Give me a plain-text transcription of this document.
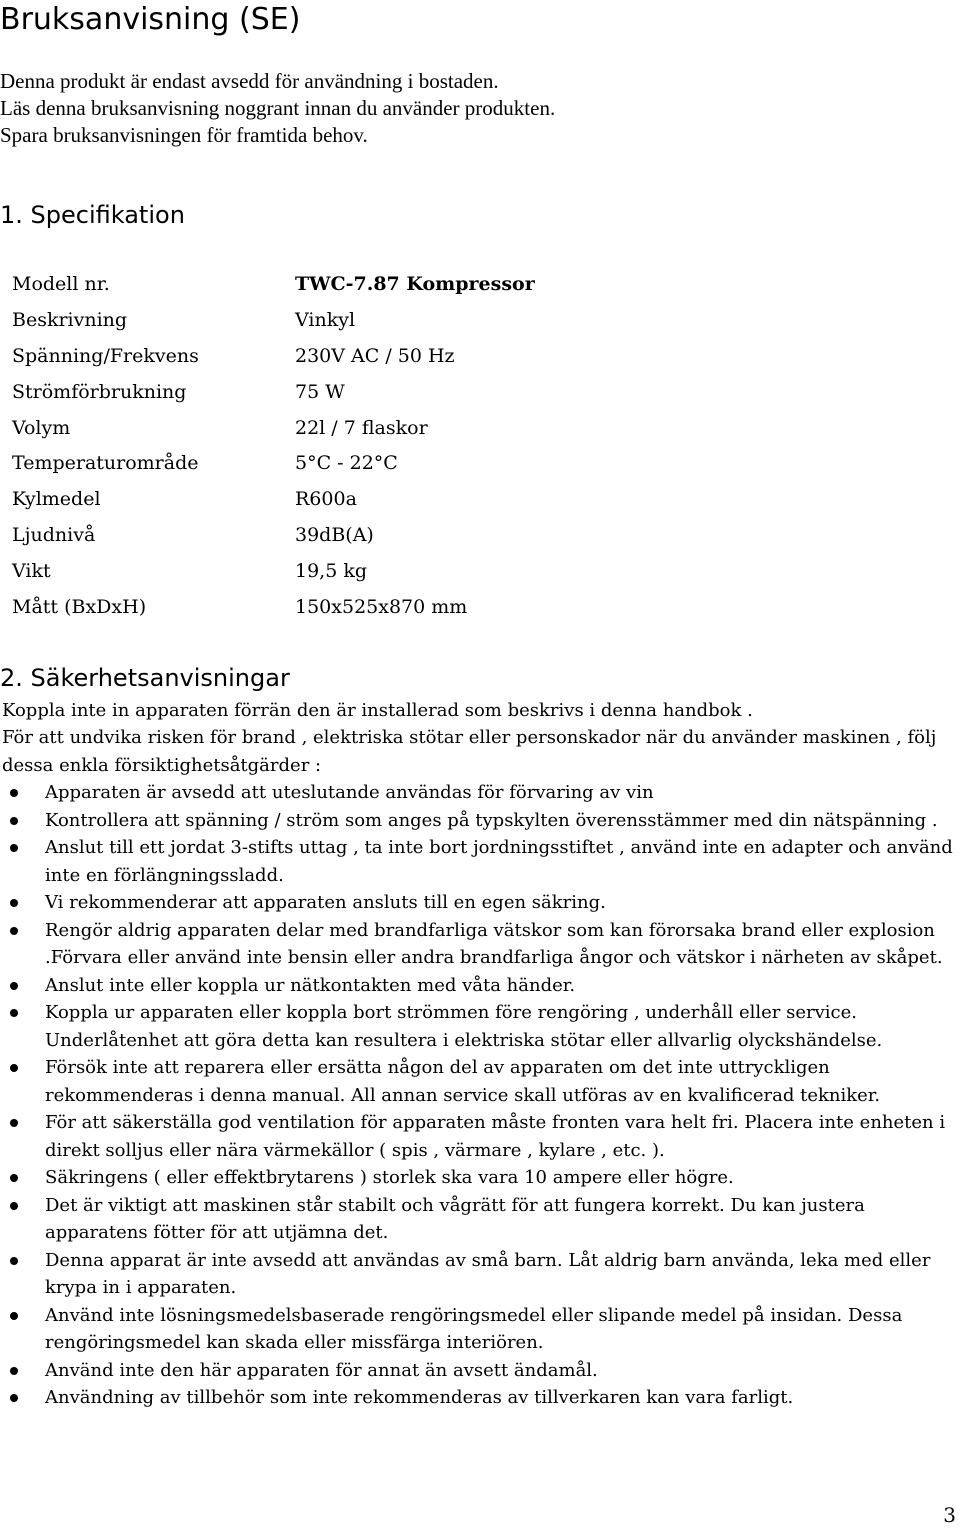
Bruksanvisning (SE)
Denna produkt är endast avsedd för användning i bostaden.
Läs denna bruksanvisning noggrant innan du använder produkten.
Spara bruksanvisningen för framtida behov.
1. Specifikation
Modell nr.	TWC-7.87 Kompressor
Beskrivning	Vinkyl
Spänning/Frekvens	230V AC / 50 Hz
Strömförbrukning	75 W
Volym	22l / 7 flaskor
Temperaturområde	5°C - 22°C
Kylmedel	R600a
Ljudnivå	39dB(A)
Vikt	19,5 kg
Mått (BxDxH)	150x525x870 mm
2. Säkerhetsanvisningar
Koppla inte in apparaten förrän den är installerad som beskrivs i denna handbok .
För att undvika risken för brand , elektriska stötar eller personskador när du använder maskinen , följ dessa enkla försiktighetsåtgärder :
Apparaten är avsedd att uteslutande användas för förvaring av vin
Kontrollera att spänning / ström som anges på typskylten överensstämmer med din nätspänning .
Anslut till ett jordat 3-stifts uttag , ta inte bort jordningsstiftet , använd inte en adapter och använd inte en förlängningssladd.
Vi rekommenderar att apparaten ansluts till en egen säkring.
Rengör aldrig apparaten delar med brandfarliga vätskor som kan förorsaka brand eller explosion .Förvara eller använd inte bensin eller andra brandfarliga ångor och vätskor i närheten av skåpet.
Anslut inte eller koppla ur nätkontakten med våta händer.
Koppla ur apparaten eller koppla bort strömmen före rengöring , underhåll eller service. Underlåtenhet att göra detta kan resultera i elektriska stötar eller allvarlig olyckshändelse.
Försök inte att reparera eller ersätta någon del av apparaten om det inte uttryckligen rekommenderas i denna manual. All annan service skall utföras av en kvalificerad tekniker.
För att säkerställa god ventilation för apparaten måste fronten vara helt fri. Placera inte enheten i direkt solljus eller nära värmekällor ( spis , värmare , kylare , etc. ).
Säkringens ( eller effektbrytarens ) storlek ska vara 10 ampere eller högre.
Det är viktigt att maskinen står stabilt och vågrätt för att fungera korrekt. Du kan justera apparatens fötter för att utjämna det.
Denna apparat är inte avsedd att användas av små barn. Låt aldrig barn använda, leka med eller krypa in i apparaten.
Använd inte lösningsmedelsbaserade rengöringsmedel eller slipande medel på insidan. Dessa rengöringsmedel kan skada eller missfärga interiören.
Använd inte den här apparaten för annat än avsett ändamål.
Användning av tillbehör som inte rekommenderas av tillverkaren kan vara farligt.
3
